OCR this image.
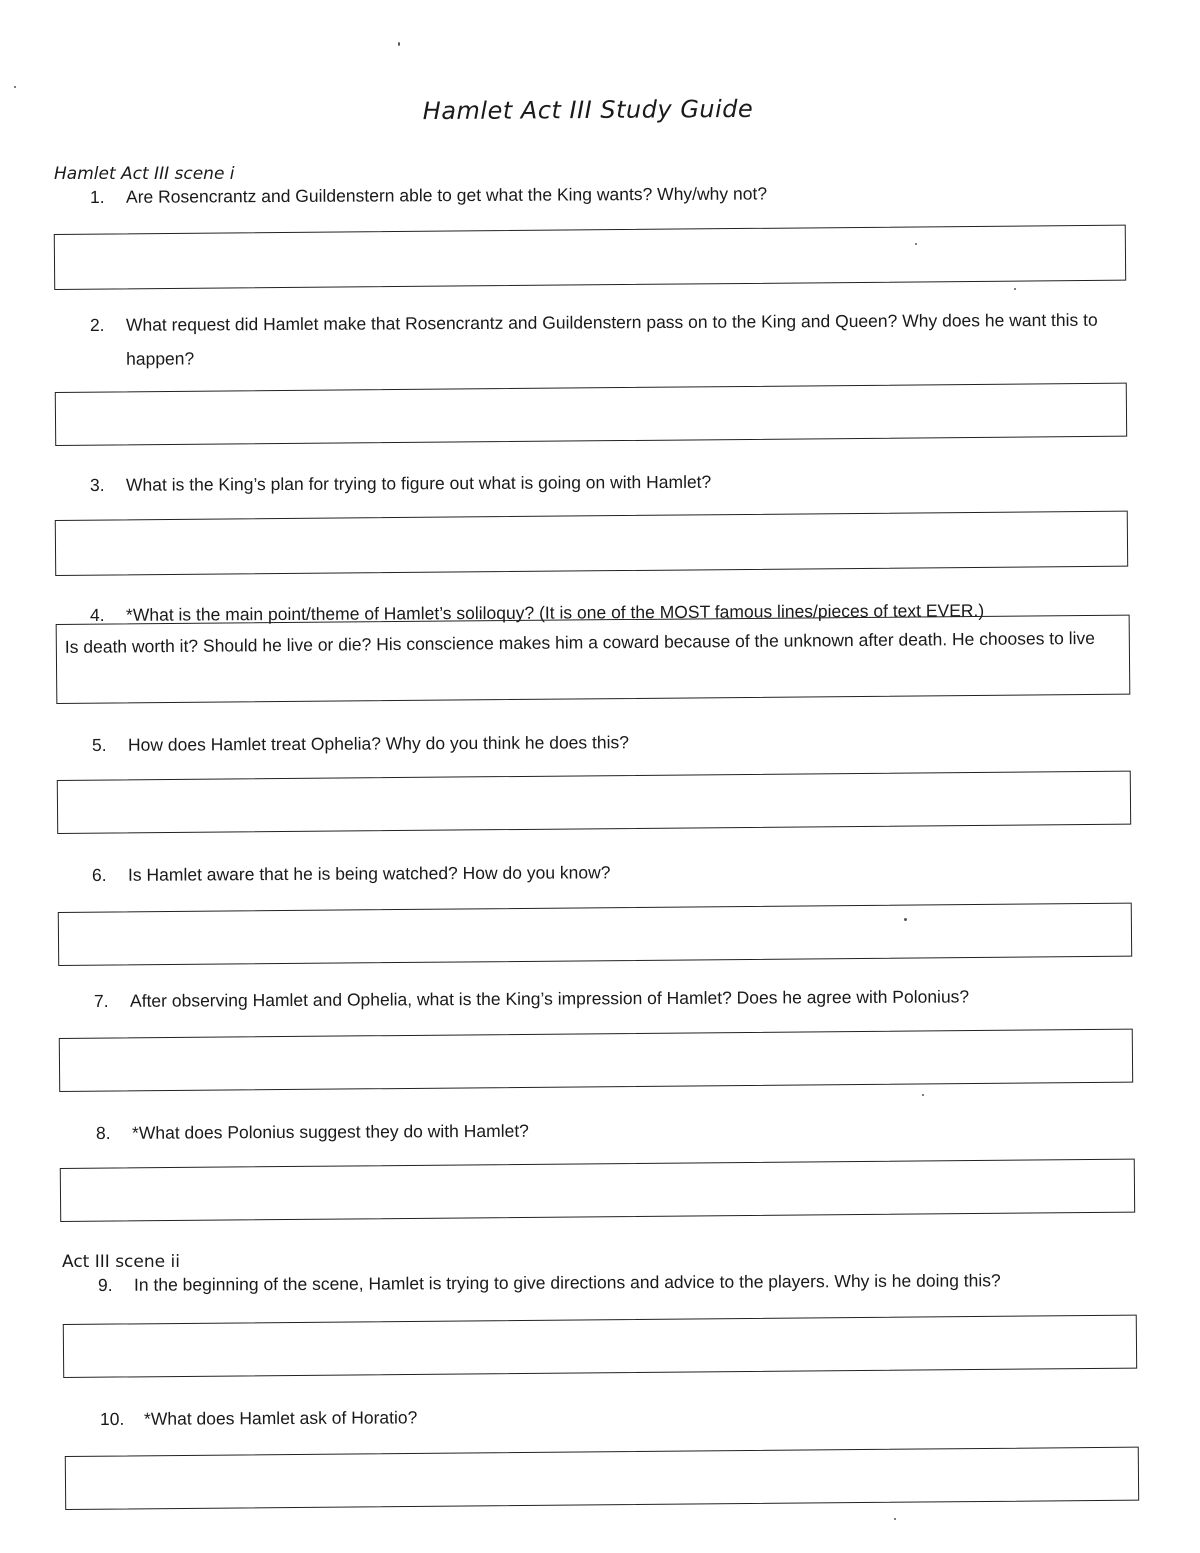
Hamlet Act III Study Guide
Hamlet Act III scene i
1. Are Rosencrantz and Guildenstern able to get what the King wants? Why/why not?
2. What request did Hamlet make that Rosencrantz and Guildenstern pass on to the King and Queen? Why does he want this to happen?
3. What is the King’s plan for trying to figure out what is going on with Hamlet?
4. *What is the main point/theme of Hamlet’s soliloquy? (It is one of the MOST famous lines/pieces of text EVER.)
Is death worth it? Should he live or die? His conscience makes him a coward because of the unknown after death. He chooses to live
5. How does Hamlet treat Ophelia? Why do you think he does this?
6. Is Hamlet aware that he is being watched? How do you know?
7. After observing Hamlet and Ophelia, what is the King’s impression of Hamlet? Does he agree with Polonius?
8. *What does Polonius suggest they do with Hamlet?
Act III scene ii
9. In the beginning of the scene, Hamlet is trying to give directions and advice to the players. Why is he doing this?
10. *What does Hamlet ask of Horatio?
